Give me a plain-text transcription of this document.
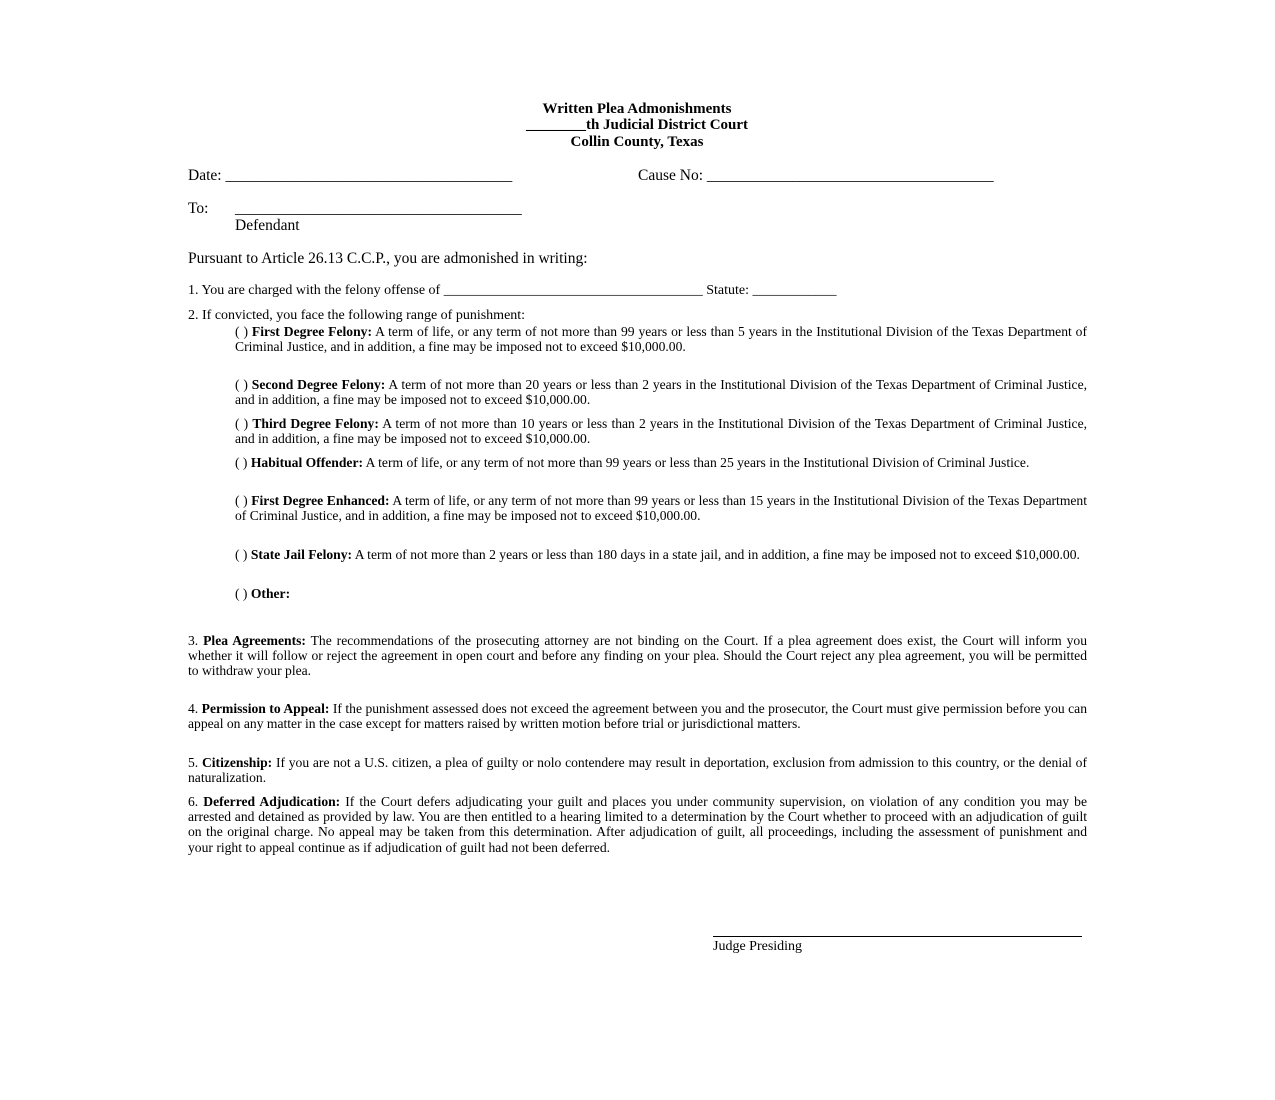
Written Plea Admonishments
________th Judicial District Court
Collin County, Texas
Date: _____________________________________	Cause No: _____________________________________
To: _____________________________________
Defendant
Pursuant to Article 26.13 C.C.P., you are admonished in writing:
1. You are charged with the felony offense of _____________________________________ Statute: ____________
2. If convicted, you face the following range of punishment:
( ) First Degree Felony: A term of life, or any term of not more than 99 years or less than 5 years in the Institutional Division of the Texas Department of Criminal Justice, and in addition, a fine may be imposed not to exceed $10,000.00.
( ) Second Degree Felony: A term of not more than 20 years or less than 2 years in the Institutional Division of the Texas Department of Criminal Justice, and in addition, a fine may be imposed not to exceed $10,000.00.
( ) Third Degree Felony: A term of not more than 10 years or less than 2 years in the Institutional Division of the Texas Department of Criminal Justice, and in addition, a fine may be imposed not to exceed $10,000.00.
( ) Habitual Offender: A term of life, or any term of not more than 99 years or less than 25 years in the Institutional Division of Criminal Justice.
( ) First Degree Enhanced: A term of life, or any term of not more than 99 years or less than 15 years in the Institutional Division of the Texas Department of Criminal Justice, and in addition, a fine may be imposed not to exceed $10,000.00.
( ) State Jail Felony: A term of not more than 2 years or less than 180 days in a state jail, and in addition, a fine may be imposed not to exceed $10,000.00.
( ) Other:
3. Plea Agreements: The recommendations of the prosecuting attorney are not binding on the Court. If a plea agreement does exist, the Court will inform you whether it will follow or reject the agreement in open court and before any finding on your plea. Should the Court reject any plea agreement, you will be permitted to withdraw your plea.
4. Permission to Appeal: If the punishment assessed does not exceed the agreement between you and the prosecutor, the Court must give permission before you can appeal on any matter in the case except for matters raised by written motion before trial or jurisdictional matters.
5. Citizenship: If you are not a U.S. citizen, a plea of guilty or nolo contendere may result in deportation, exclusion from admission to this country, or the denial of naturalization.
6. Deferred Adjudication: If the Court defers adjudicating your guilt and places you under community supervision, on violation of any condition you may be arrested and detained as provided by law. You are then entitled to a hearing limited to a determination by the Court whether to proceed with an adjudication of guilt on the original charge. No appeal may be taken from this determination. After adjudication of guilt, all proceedings, including the assessment of punishment and your right to appeal continue as if adjudication of guilt had not been deferred.
Judge Presiding
